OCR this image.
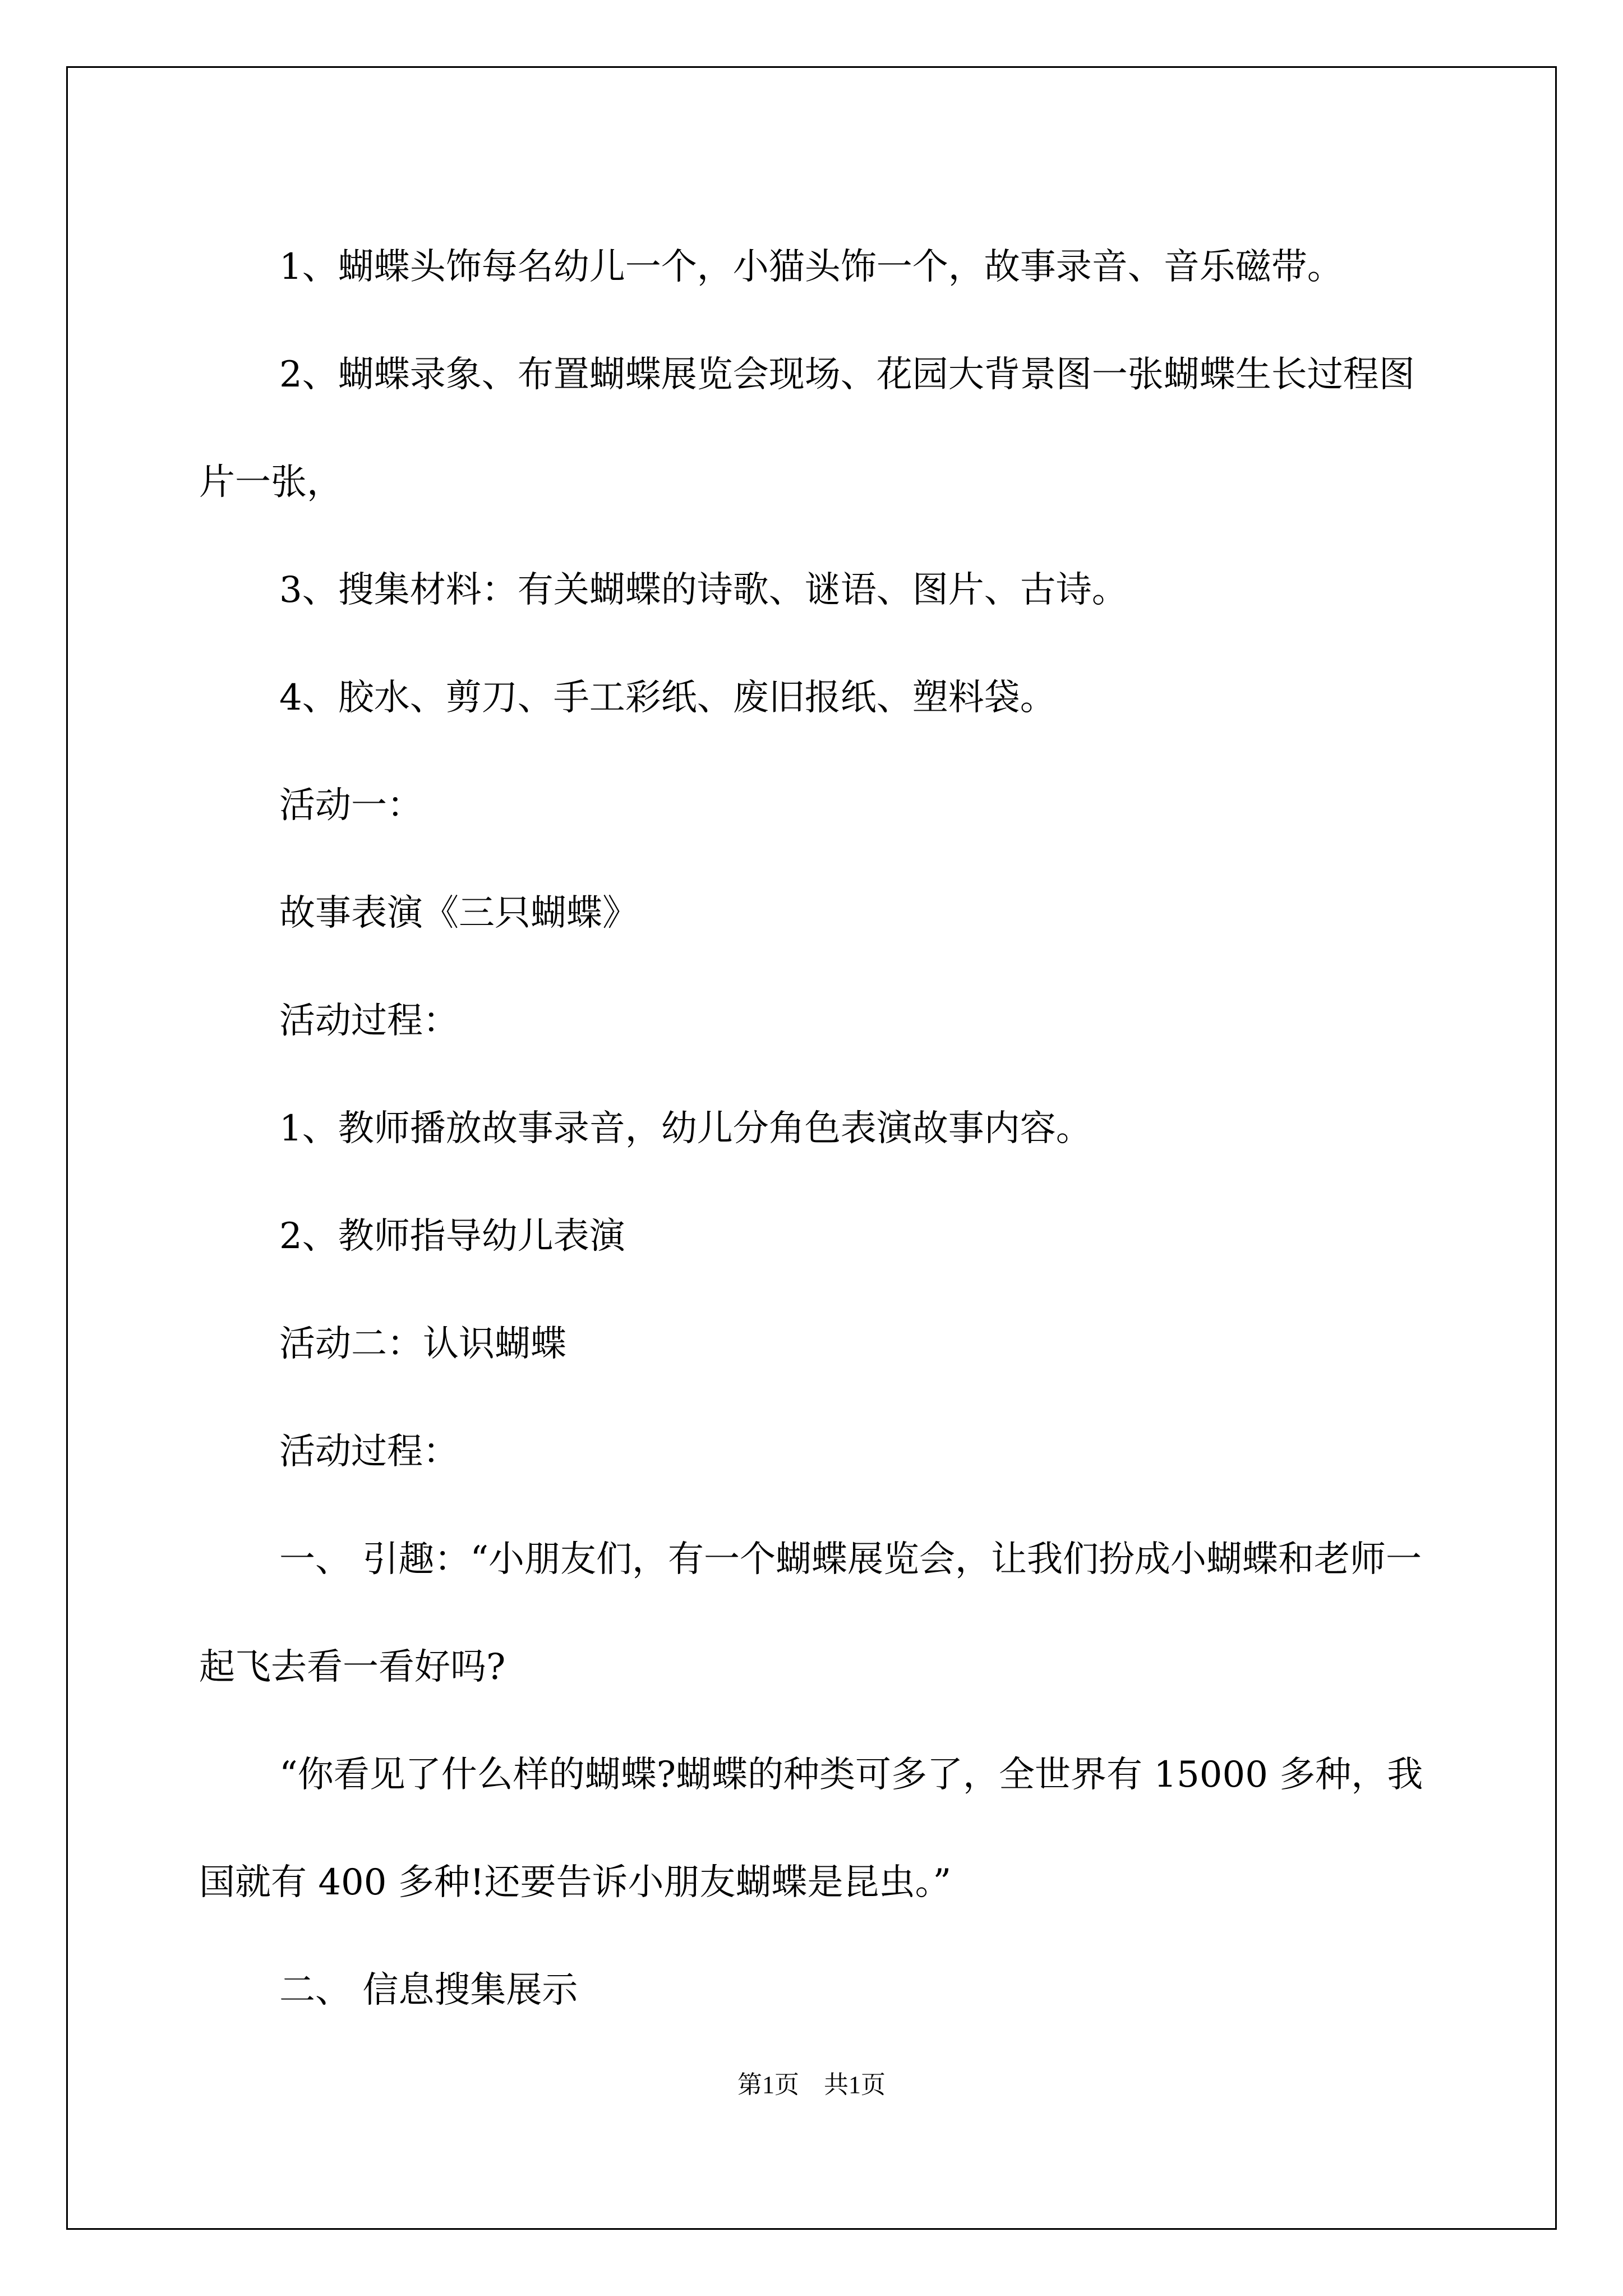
1、蝴蝶头饰每名幼儿一个，小猫头饰一个，故事录音、音乐磁带。

2、蝴蝶录象、布置蝴蝶展览会现场、花园大背景图一张蝴蝶生长过程图片一张，

3、搜集材料：有关蝴蝶的诗歌、谜语、图片、古诗。

4、胶水、剪刀、手工彩纸、废旧报纸、塑料袋。

活动一：

故事表演《三只蝴蝶》

活动过程：

1、教师播放故事录音，幼儿分角色表演故事内容。

2、教师指导幼儿表演

活动二：认识蝴蝶

活动过程：

一、 引趣：“小朋友们，有一个蝴蝶展览会，让我们扮成小蝴蝶和老师一起飞去看一看好吗?

“你看见了什么样的蝴蝶?蝴蝶的种类可多了，全世界有 15000 多种，我国就有 400 多种!还要告诉小朋友蝴蝶是昆虫。”

二、 信息搜集展示

第1页　共1页
